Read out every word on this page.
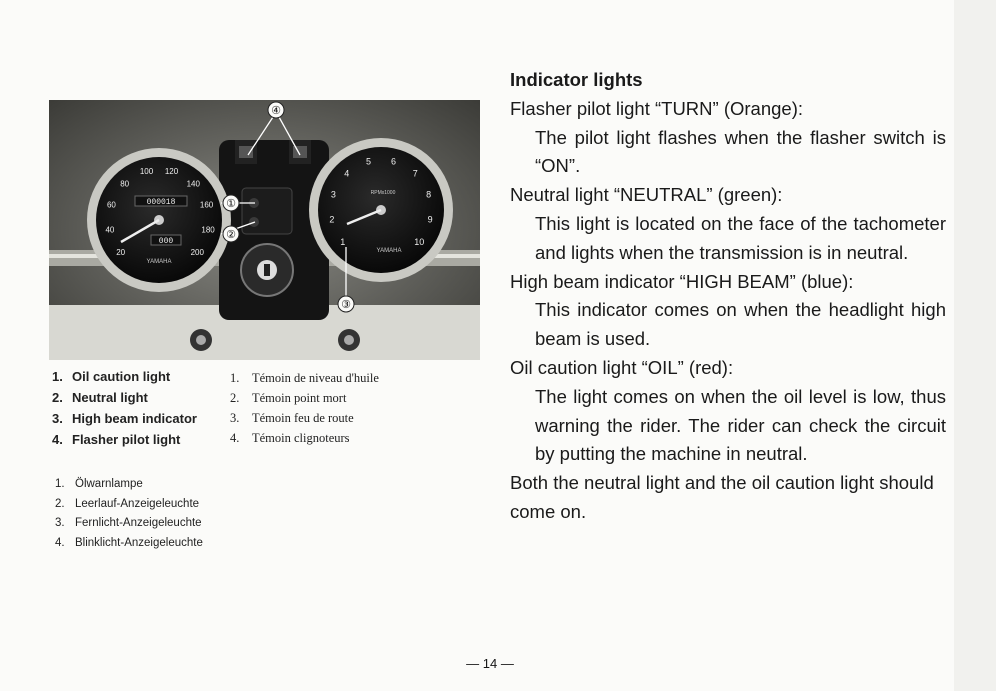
000018
000
YAMAHA
20
40
60
80
100 120
140
160
180
200
RPMx1000
YAMAHA
1
2
3
4
5 6
7
8
9
10
④
①
②
③
1. Oil caution light
2. Neutral light
3. High beam indicator
4. Flasher pilot light
1.	Témoin de niveau d'huile
2.	Témoin point mort
3.	Témoin feu de route
4.	Témoin clignoteurs
1. Ölwarnlampe
2. Leerlauf-Anzeigeleuchte
3. Fernlicht-Anzeigeleuchte
4. Blinklicht-Anzeigeleuchte
Indicator lights
Flasher pilot light “TURN” (Orange):
The pilot light flashes when the flasher switch is “ON”.
Neutral light “NEUTRAL” (green):
This light is located on the face of the tachometer and lights when the transmission is in neutral.
High beam indicator “HIGH BEAM” (blue):
This indicator comes on when the headlight high beam is used.
Oil caution light “OIL” (red):
The light comes on when the oil level is low, thus warning the rider. The rider can check the circuit by putting the machine in neutral.
Both the neutral light and the oil caution light should come on.
— 14 —
